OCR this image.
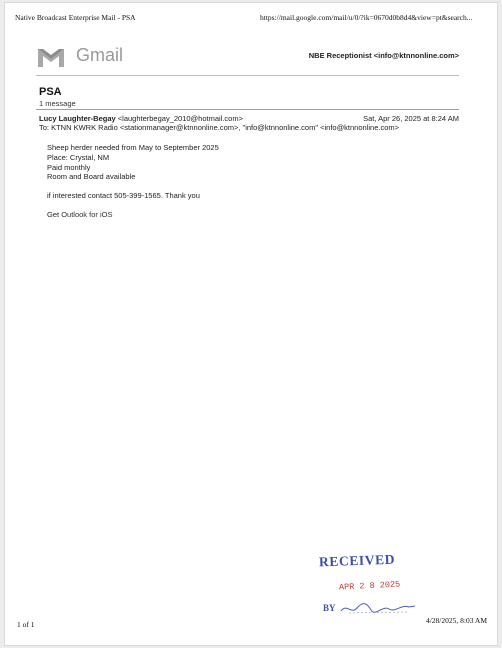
Native Broadcast Enterprise Mail - PSA	https://mail.google.com/mail/u/0/?ik=0670d0b8d4&view=pt&search...
Gmail	NBE Receptionist <info@ktnnonline.com>
PSA
1 message
Lucy Laughter-Begay <laughterbegay_2010@hotmail.com>	Sat, Apr 26, 2025 at 8:24 AM
To: KTNN KWRK Radio <stationmanager@ktnnonline.com>, "info@ktnnonline.com" <info@ktnnonline.com>
Sheep herder needed from May to September 2025
Place: Crystal, NM
Paid monthly
Room and Board available
if interested contact 505-399-1565. Thank you
Get Outlook for iOS
RECEIVED
APR 2 8 2025
BY
1 of 1	4/28/2025, 8:03 AM
